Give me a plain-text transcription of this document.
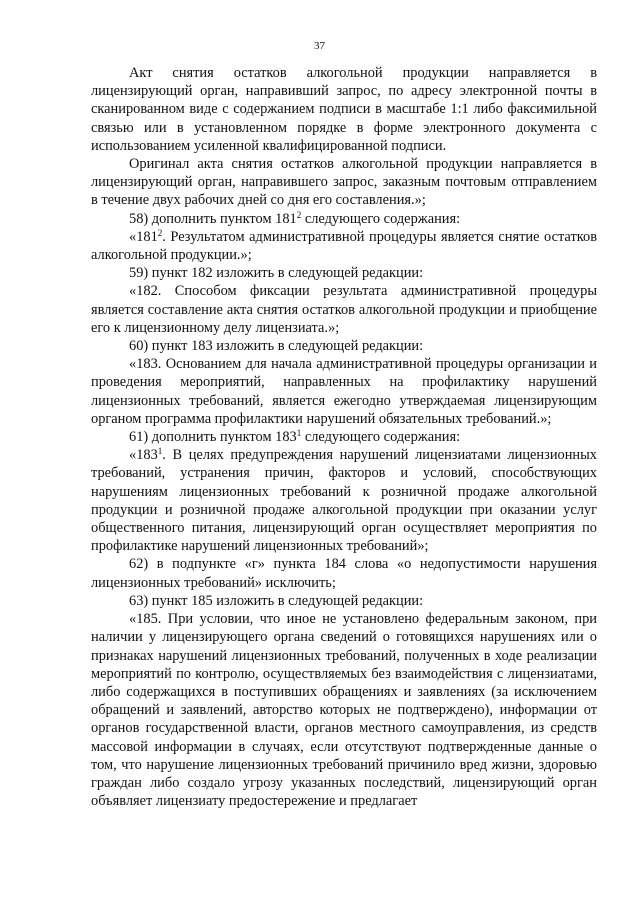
37

Акт снятия остатков алкогольной продукции направляется в лицензирующий орган, направивший запрос, по адресу электронной почты в сканированном виде с содержанием подписи в масштабе 1:1 либо факсимильной связью или в установленном порядке в форме электронного документа с использованием усиленной квалифицированной подписи.

Оригинал акта снятия остатков алкогольной продукции направляется в лицензирующий орган, направившего запрос, заказным почтовым отправлением в течение двух рабочих дней со дня его составления.»;

58) дополнить пунктом $181^2$ следующего содержания:

«$181^2$. Результатом административной процедуры является снятие остатков алкогольной продукции.»;

59) пункт 182 изложить в следующей редакции:

«182. Способом фиксации результата административной процедуры является составление акта снятия остатков алкогольной продукции и приобщение его к лицензионному делу лицензиата.»;

60) пункт 183 изложить в следующей редакции:

«183. Основанием для начала административной процедуры организации и проведения мероприятий, направленных на профилактику нарушений лицензионных требований, является ежегодно утверждаемая лицензирующим органом программа профилактики нарушений обязательных требований.»;

61) дополнить пунктом $183^1$ следующего содержания:

«$183^1$. В целях предупреждения нарушений лицензиатами лицензионных требований, устранения причин, факторов и условий, способствующих нарушениям лицензионных требований к розничной продаже алкогольной продукции и розничной продаже алкогольной продукции при оказании услуг общественного питания, лицензирующий орган осуществляет мероприятия по профилактике нарушений лицензионных требований»;

62) в подпункте «г» пункта 184 слова «о недопустимости нарушения лицензионных требований» исключить;

63) пункт 185 изложить в следующей редакции:

«185. При условии, что иное не установлено федеральным законом, при наличии у лицензирующего органа сведений о готовящихся нарушениях или о признаках нарушений лицензионных требований, полученных в ходе реализации мероприятий по контролю, осуществляемых без взаимодействия с лицензиатами, либо содержащихся в поступивших обращениях и заявлениях (за исключением обращений и заявлений, авторство которых не подтверждено), информации от органов государственной власти, органов местного самоуправления, из средств массовой информации в случаях, если отсутствуют подтвержденные данные о том, что нарушение лицензионных требований причинило вред жизни, здоровью граждан либо создало угрозу указанных последствий, лицензирующий орган объявляет лицензиату предостережение и предлагает
